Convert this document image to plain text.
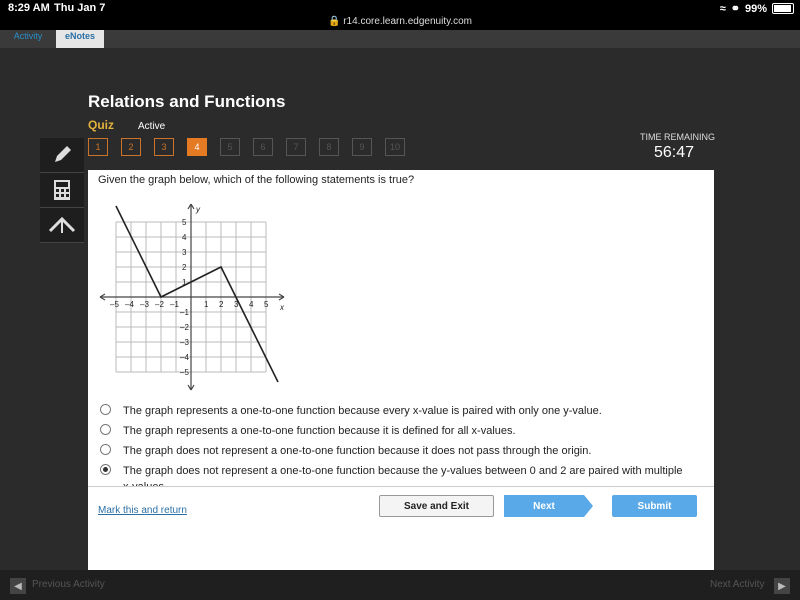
8:29 AM Thu Jan 7	≈ ⚭ 99%
🔒 r14.core.learn.edgenuity.com
Activity	eNotes
Relations and Functions
Quiz Active
1	2	3	4	5	6	7	8	9	10
TIME REMAINING
56:47
Given the graph below, which of the following statements is true?
–5 –4 –3 –2 –1	1 2 3 4 5 x
5
4
3
2
1
–1
–2
–3
–4
–5
y
The graph represents a one-to-one function because every x-value is paired with only one y-value.
The graph represents a one-to-one function because it is defined for all x-values.
The graph does not represent a one-to-one function because it does not pass through the origin.
The graph does not represent a one-to-one function because the y-values between 0 and 2 are paired with multiple
Mark this and return	Save and Exit	Next	Submit
◀ Previous Activity	Next Activity ▶
